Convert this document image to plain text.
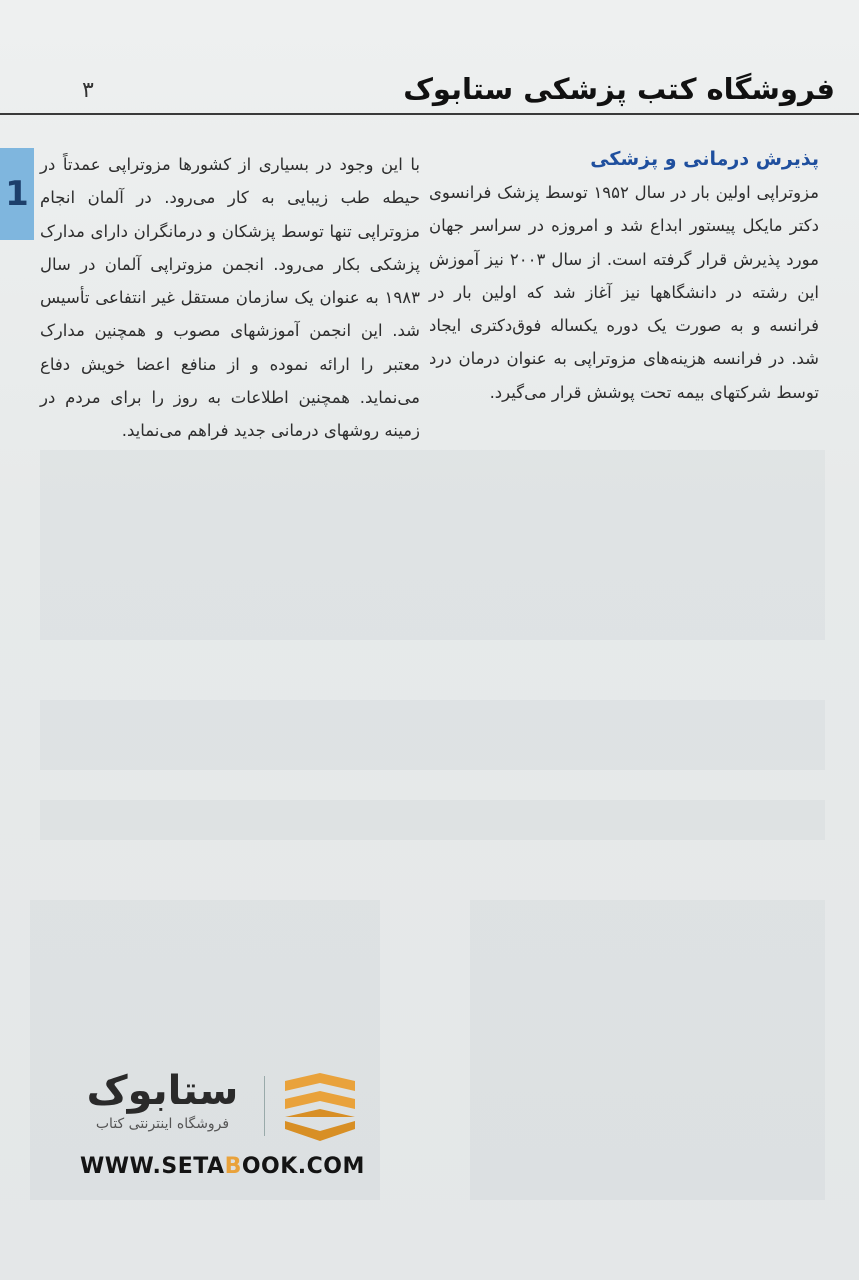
۳	فروشگاه کتب پزشکی ستابوک
1
پذیرش درمانی و پزشکی

مزوتراپی اولین بار در سال ۱۹۵۲ توسط پزشک فرانسوی دکتر مایکل پیستور ابداع شد و امروزه در سراسر جهان مورد پذیرش قرار گرفته است. از سال ۲۰۰۳ نیز آموزش این رشته در دانشگاهها نیز آغاز شد که اولین بار در فرانسه و به صورت یک دوره یکساله فوق‌دکتری ایجاد شد. در فرانسه هزینه‌های مزوتراپی به عنوان درمان درد توسط شرکتهای بیمه تحت پوشش قرار می‌گیرد.

با این وجود در بسیاری از کشورها مزوتراپی عمدتاً در حیطه طب زیبایی به کار می‌رود. در آلمان انجام مزوتراپی تنها توسط پزشکان و درمانگران دارای مدارک پزشکی بکار می‌رود. انجمن مزوتراپی آلمان در سال ۱۹۸۳ به عنوان یک سازمان مستقل غیر انتفاعی تأسیس شد. این انجمن آموزشهای مصوب و همچنین مدارک معتبر را ارائه نموده و از منافع اعضا خویش دفاع می‌نماید. همچنین اطلاعات به روز را برای مردم در زمینه روشهای درمانی جدید فراهم می‌نماید.

ستابوک
فروشگاه اینترنتی کتاب
WWW.SETABOOK.COM
